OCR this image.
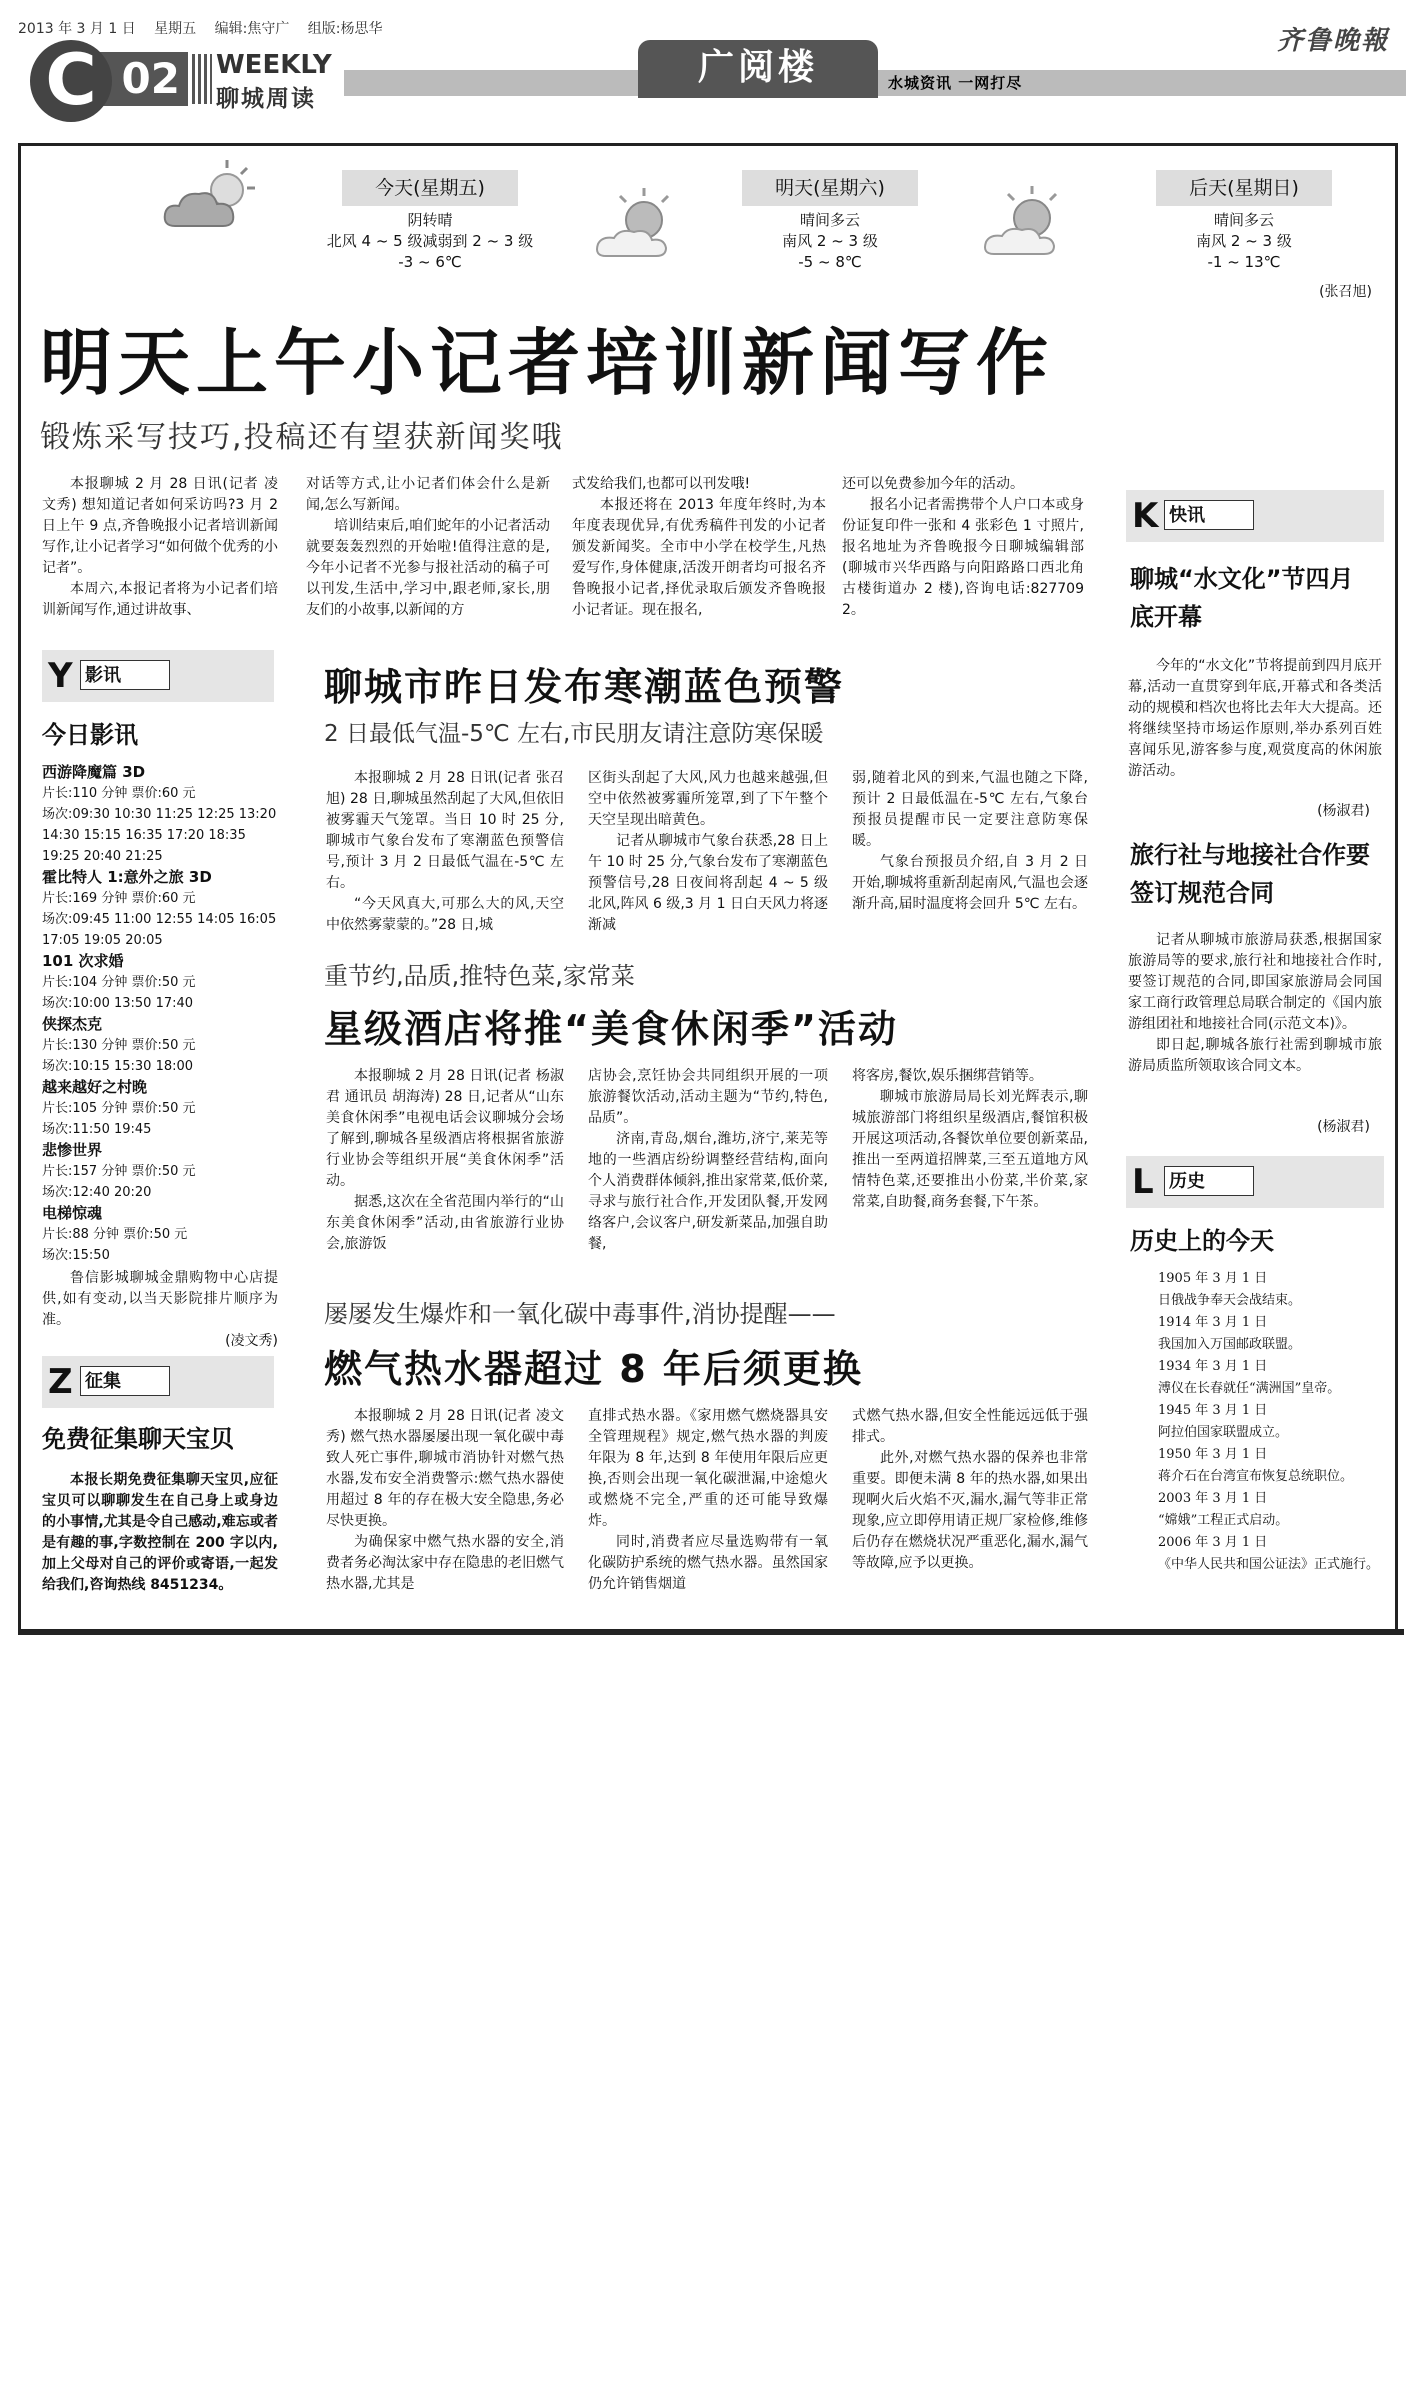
2013 年 3 月 1 日 星期五 编辑:焦守广 组版:杨思华	齐鲁晚報
02
C	WEEKLY
聊城周读
广阅楼	水城资讯 一网打尽
今天(星期五)
阴转晴
北风 4 ~ 5 级减弱到 2 ~ 3 级
-3 ~ 6℃
明天(星期六)
晴间多云
南风 2 ~ 3 级
-5 ~ 8℃
后天(星期日)
晴间多云
南风 2 ~ 3 级
-1 ~ 13℃
(张召旭)
明天上午小记者培训新闻写作
锻炼采写技巧,投稿还有望获新闻奖哦

本报聊城 2 月 28 日讯(记者 凌文秀) 想知道记者如何采访吗?3 月 2 日上午 9 点,齐鲁晚报小记者培训新闻写作,让小记者学习“如何做个优秀的小记者”。

本周六,本报记者将为小记者们培训新闻写作,通过讲故事、

对话等方式,让小记者们体会什么是新闻,怎么写新闻。

培训结束后,咱们蛇年的小记者活动就要轰轰烈烈的开始啦!值得注意的是,今年小记者不光参与报社活动的稿子可以刊发,生活中,学习中,跟老师,家长,朋友们的小故事,以新闻的方

式发给我们,也都可以刊发哦!

本报还将在 2013 年度年终时,为本年度表现优异,有优秀稿件刊发的小记者颁发新闻奖。全市中小学在校学生,凡热爱写作,身体健康,活泼开朗者均可报名齐鲁晚报小记者,择优录取后颁发齐鲁晚报小记者证。现在报名,

还可以免费参加今年的活动。

报名小记者需携带个人户口本或身份证复印件一张和 4 张彩色 1 寸照片,报名地址为齐鲁晚报今日聊城编辑部(聊城市兴华西路与向阳路路口西北角古楼街道办 2 楼),咨询电话:8277092。

K 快讯
聊城“水文化”节四月底开幕

今年的“水文化”节将提前到四月底开幕,活动一直贯穿到年底,开幕式和各类活动的规模和档次也将比去年大大提高。还将继续坚持市场运作原则,举办系列百姓喜闻乐见,游客参与度,观赏度高的休闲旅游活动。

(杨淑君)
旅行社与地接社合作要签订规范合同

记者从聊城市旅游局获悉,根据国家旅游局等的要求,旅行社和地接社合作时,要签订规范的合同,即国家旅游局会同国家工商行政管理总局联合制定的《国内旅游组团社和地接社合同(示范文本)》。

即日起,聊城各旅行社需到聊城市旅游局质监所领取该合同文本。

(杨淑君)
L 历史
历史上的今天
1905 年 3 月 1 日
日俄战争奉天会战结束。
1914 年 3 月 1 日
我国加入万国邮政联盟。
1934 年 3 月 1 日
溥仪在长春就任“满洲国”皇帝。
1945 年 3 月 1 日
阿拉伯国家联盟成立。
1950 年 3 月 1 日
蒋介石在台湾宣布恢复总统职位。
2003 年 3 月 1 日
“嫦娥”工程正式启动。
2006 年 3 月 1 日
《中华人民共和国公证法》正式施行。
Y 影讯
今日影讯
西游降魔篇 3D
片长:110 分钟 票价:60 元
场次:09:30 10:30 11:25 12:25 13:20 14:30 15:15 16:35 17:20 18:35 19:25 20:40 21:25
霍比特人 1:意外之旅 3D
片长:169 分钟 票价:60 元
场次:09:45 11:00 12:55 14:05 16:05 17:05 19:05 20:05
101 次求婚
片长:104 分钟 票价:50 元
场次:10:00 13:50 17:40
侠探杰克
片长:130 分钟 票价:50 元
场次:10:15 15:30 18:00
越来越好之村晚
片长:105 分钟 票价:50 元
场次:11:50 19:45
悲惨世界
片长:157 分钟 票价:50 元
场次:12:40 20:20
电梯惊魂
片长:88 分钟 票价:50 元
场次:15:50

鲁信影城聊城金鼎购物中心店提供,如有变动,以当天影院排片顺序为准。

(凌文秀)
Z 征集
免费征集聊天宝贝

本报长期免费征集聊天宝贝,应征宝贝可以聊聊发生在自己身上或身边的小事情,尤其是令自己感动,难忘或者是有趣的事,字数控制在 200 字以内,加上父母对自己的评价或寄语,一起发给我们,咨询热线 8451234。

聊城市昨日发布寒潮蓝色预警
2 日最低气温-5℃ 左右,市民朋友请注意防寒保暖

本报聊城 2 月 28 日讯(记者 张召旭) 28 日,聊城虽然刮起了大风,但依旧被雾霾天气笼罩。当日 10 时 25 分,聊城市气象台发布了寒潮蓝色预警信号,预计 3 月 2 日最低气温在-5℃ 左右。

“今天风真大,可那么大的风,天空中依然雾蒙蒙的。”28 日,城

区街头刮起了大风,风力也越来越强,但空中依然被雾霾所笼罩,到了下午整个天空呈现出暗黄色。

记者从聊城市气象台获悉,28 日上午 10 时 25 分,气象台发布了寒潮蓝色预警信号,28 日夜间将刮起 4 ~ 5 级北风,阵风 6 级,3 月 1 日白天风力将逐渐减

弱,随着北风的到来,气温也随之下降,预计 2 日最低温在-5℃ 左右,气象台预报员提醒市民一定要注意防寒保暖。

气象台预报员介绍,自 3 月 2 日开始,聊城将重新刮起南风,气温也会逐渐升高,届时温度将会回升 5℃ 左右。

重节约,品质,推特色菜,家常菜
星级酒店将推“美食休闲季”活动

本报聊城 2 月 28 日讯(记者 杨淑君 通讯员 胡海涛) 28 日,记者从“山东美食休闲季”电视电话会议聊城分会场了解到,聊城各星级酒店将根据省旅游行业协会等组织开展“美食休闲季”活动。

据悉,这次在全省范围内举行的“山东美食休闲季”活动,由省旅游行业协会,旅游饭

店协会,烹饪协会共同组织开展的一项旅游餐饮活动,活动主题为“节约,特色,品质”。

济南,青岛,烟台,潍坊,济宁,莱芜等地的一些酒店纷纷调整经营结构,面向个人消费群体倾斜,推出家常菜,低价菜,寻求与旅行社合作,开发团队餐,开发网络客户,会议客户,研发新菜品,加强自助餐,

将客房,餐饮,娱乐捆绑营销等。

聊城市旅游局局长刘光辉表示,聊城旅游部门将组织星级酒店,餐馆积极开展这项活动,各餐饮单位要创新菜品,推出一至两道招牌菜,三至五道地方风情特色菜,还要推出小份菜,半价菜,家常菜,自助餐,商务套餐,下午茶。

屡屡发生爆炸和一氧化碳中毒事件,消协提醒——
燃气热水器超过 8 年后须更换

本报聊城 2 月 28 日讯(记者 凌文秀) 燃气热水器屡屡出现一氧化碳中毒致人死亡事件,聊城市消协针对燃气热水器,发布安全消费警示:燃气热水器使用超过 8 年的存在极大安全隐患,务必尽快更换。

为确保家中燃气热水器的安全,消费者务必淘汰家中存在隐患的老旧燃气热水器,尤其是

直排式热水器。《家用燃气燃烧器具安全管理规程》规定,燃气热水器的判废年限为 8 年,达到 8 年使用年限后应更换,否则会出现一氧化碳泄漏,中途熄火或燃烧不完全,严重的还可能导致爆炸。

同时,消费者应尽量选购带有一氧化碳防护系统的燃气热水器。虽然国家仍允许销售烟道

式燃气热水器,但安全性能远远低于强排式。

此外,对燃气热水器的保养也非常重要。即便未满 8 年的热水器,如果出现啊火后火焰不灭,漏水,漏气等非正常现象,应立即停用请正规厂家检修,维修后仍存在燃烧状况严重恶化,漏水,漏气等故障,应予以更换。
